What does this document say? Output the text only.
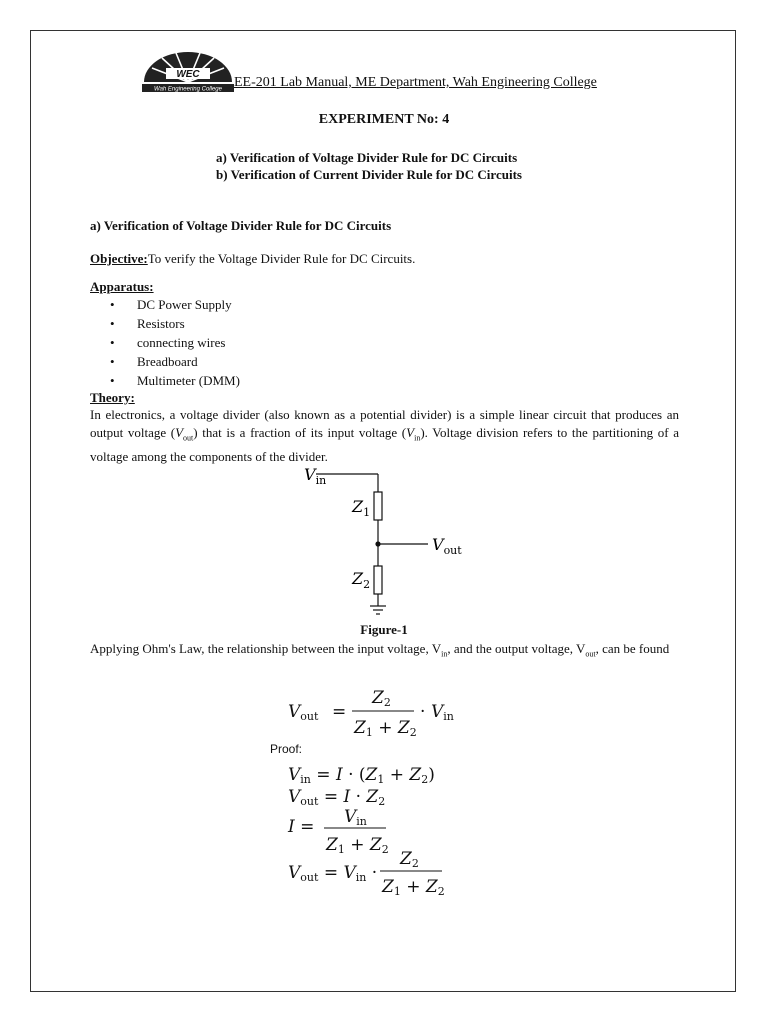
WEC
Wah Engineering College EE-201 Lab Manual, ME Department, Wah Engineering College
EXPERIMENT No: 4
a) Verification of Voltage Divider Rule for DC Circuits
b) Verification of Current Divider Rule for DC Circuits
a) Verification of Voltage Divider Rule for DC Circuits
Objective:To verify the Voltage Divider Rule for DC Circuits.
Apparatus:
• DC Power Supply
• Resistors
• connecting wires
• Breadboard
• Multimeter (DMM)
Theory:
In electronics, a voltage divider (also known as a potential divider) is a simple linear circuit that produces an output voltage $(V_{out})$ that is a fraction of its input voltage $(V_{in})$. Voltage division refers to the partitioning of a voltage among the components of the divider.
$V_{in}$
$Z_1$
$V_{out}$
$Z_2$
Figure-1
Applying Ohm's Law, the relationship between the input voltage, $V_{in}$, and the output voltage, $V_{out}$, can be found
Vout =
Z2
Z1 + Z2
· Vin
Proof:
Vin = I · (Z1 + Z2)
Vout = I · Z2
I = Vin
Z1 + Z2
Vout = Vin ·
Z2
Z1 + Z2
